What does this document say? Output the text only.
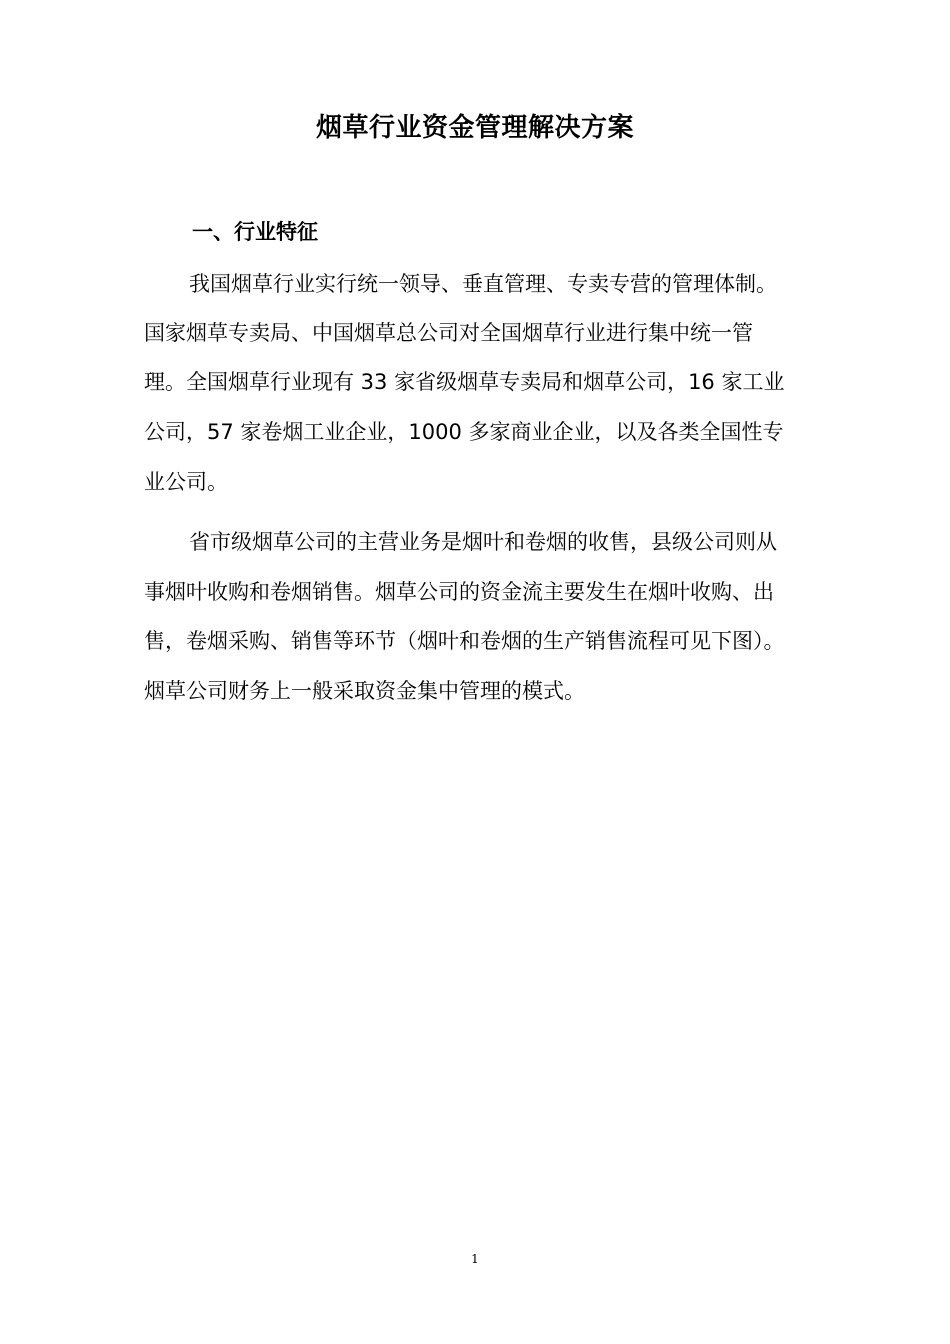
烟草行业资金管理解决方案
一、行业特征
我国烟草行业实行统一领导、垂直管理、专卖专营的管理体制。
国家烟草专卖局、中国烟草总公司对全国烟草行业进行集中统一管
理。全国烟草行业现有 33 家省级烟草专卖局和烟草公司，16 家工业
公司，57 家卷烟工业企业，1000 多家商业企业，以及各类全国性专
业公司。
省市级烟草公司的主营业务是烟叶和卷烟的收售，县级公司则从
事烟叶收购和卷烟销售。烟草公司的资金流主要发生在烟叶收购、出
售，卷烟采购、销售等环节（烟叶和卷烟的生产销售流程可见下图）。
烟草公司财务上一般采取资金集中管理的模式。
1
